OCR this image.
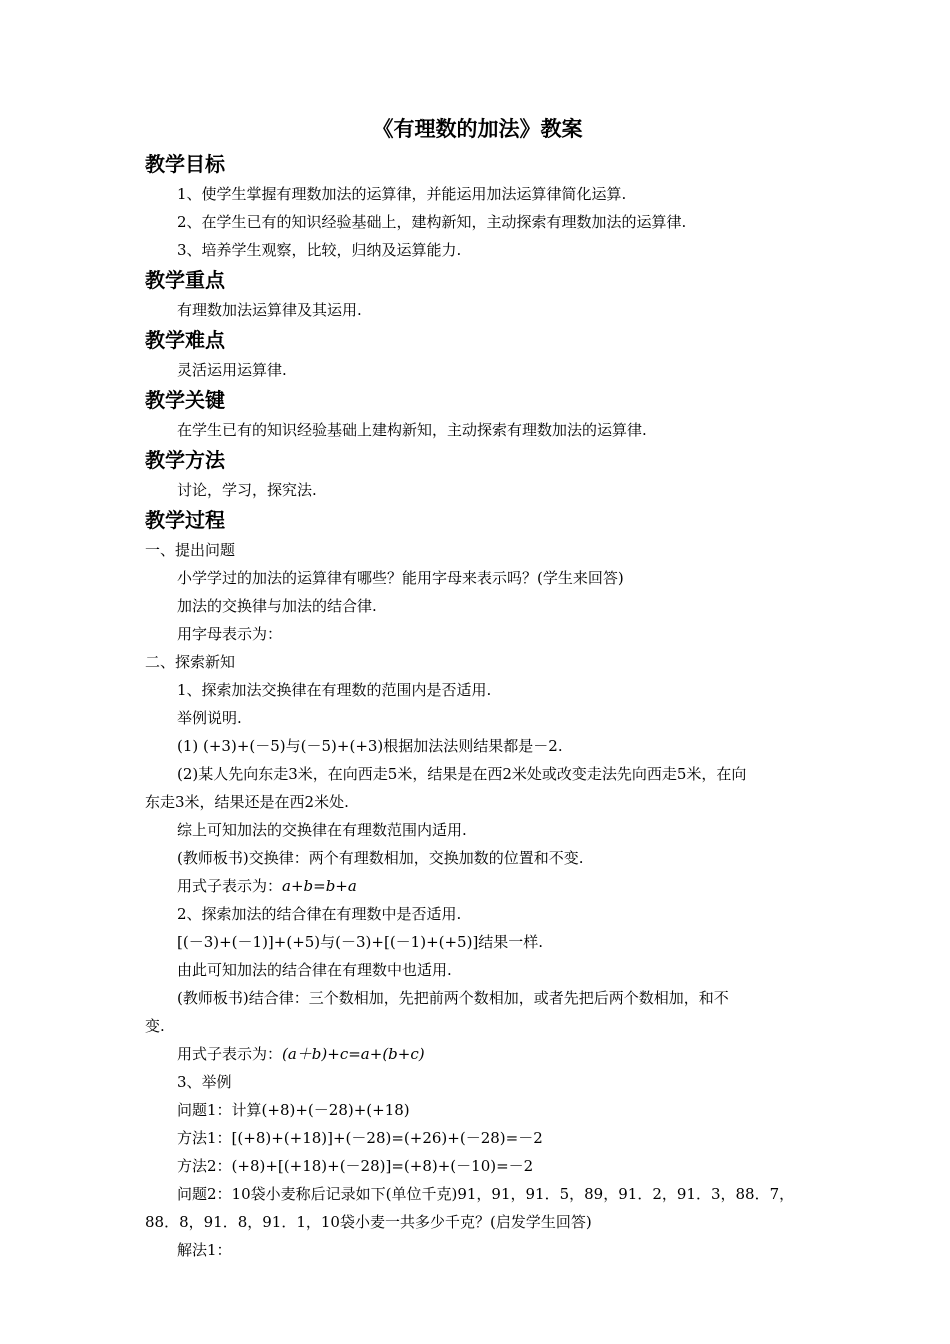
《有理数的加法》教案
教学目标
1、使学生掌握有理数加法的运算律，并能运用加法运算律简化运算.
2、在学生已有的知识经验基础上，建构新知，主动探索有理数加法的运算律.
3、培养学生观察，比较，归纳及运算能力.
教学重点
有理数加法运算律及其运用.
教学难点
灵活运用运算律.
教学关键
在学生已有的知识经验基础上建构新知，主动探索有理数加法的运算律.
教学方法
讨论，学习，探究法.
教学过程
一、提出问题
小学学过的加法的运算律有哪些？能用字母来表示吗？(学生来回答)
加法的交换律与加法的结合律.
用字母表示为：
二、探索新知
1、探索加法交换律在有理数的范围内是否适用.
举例说明.
(1) (+3)+(－5)与(－5)+(+3)根据加法法则结果都是－2.
(2)某人先向东走3米，在向西走5米，结果是在西2米处或改变走法先向西走5米，在向
东走3米，结果还是在西2米处.
综上可知加法的交换律在有理数范围内适用.
(教师板书)交换律：两个有理数相加，交换加数的位置和不变.
用式子表示为：a+b=b+a
2、探索加法的结合律在有理数中是否适用.
[(－3)+(－1)]+(+5)与(－3)+[(－1)+(+5)]结果一样.
由此可知加法的结合律在有理数中也适用.
(教师板书)结合律：三个数相加，先把前两个数相加，或者先把后两个数相加，和不
变.
用式子表示为：(a＋b)+c=a+(b+c)
3、举例
问题1：计算(+8)+(－28)+(+18)
方法1：[(+8)+(+18)]+(－28)=(+26)+(－28)=－2
方法2：(+8)+[(+18)+(－28)]=(+8)+(－10)=－2
问题2：10袋小麦称后记录如下(单位千克)91，91，91．5，89，91．2，91．3，88．7，
88．8，91．8，91．1，10袋小麦一共多少千克？(启发学生回答)
解法1：
